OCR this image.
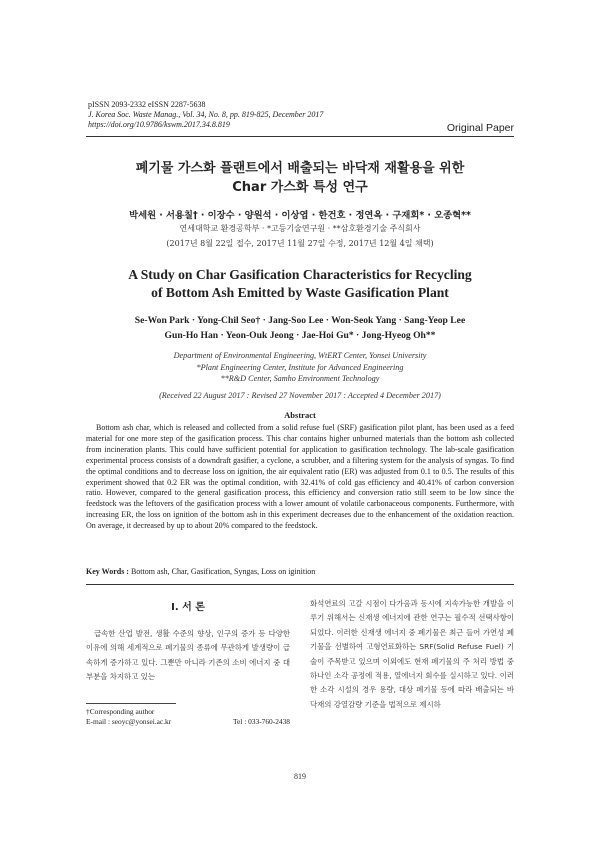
pISSN 2093-2332 eISSN 2287-5638
J. Korea Soc. Waste Manag., Vol. 34, No. 8, pp. 819-825, December 2017
https://doi.org/10.9786/kswm.2017.34.8.819	Original Paper
폐기물 가스화 플랜트에서 배출되는 바닥재 재활용을 위한
Char 가스화 특성 연구
박세원 · 서용칠† · 이장수 · 양원석 · 이상엽 · 한건호 · 정연옥 · 구재회* · 오종혁**
연세대학교 환경공학부 · *고등기술연구원 · **삼호환경기술 주식회사
(2017년 8월 22일 접수, 2017년 11월 27일 수정, 2017년 12월 4일 채택)
A Study on Char Gasification Characteristics for Recycling
of Bottom Ash Emitted by Waste Gasification Plant
Se-Won Park · Yong-Chil Seo† · Jang-Soo Lee · Won-Seok Yang · Sang-Yeop Lee
Gun-Ho Han · Yeon-Ouk Jeong · Jae-Hoi Gu* · Jong-Hyeog Oh**
Department of Environmental Engineering, WtERT Center, Yonsei University
*Plant Engineering Center, Institute for Advanced Engineering
**R&D Center, Samho Environment Technology
(Received 22 August 2017 : Revised 27 November 2017 : Accepted 4 December 2017)
Abstract

Bottom ash char, which is released and collected from a solid refuse fuel (SRF) gasification pilot plant, has been used as a feed material for one more step of the gasification process. This char contains higher unburned materials than the bottom ash collected from incineration plants. This could have sufficient potential for application to gasification technology. The lab-scale gasification experimental process consists of a downdraft gasifier, a cyclone, a scrubber, and a filtering system for the analysis of syngas. To find the optimal conditions and to decrease loss on ignition, the air equivalent ratio (ER) was adjusted from 0.1 to 0.5. The results of this experiment showed that 0.2 ER was the optimal condition, with 32.41% of cold gas efficiency and 40.41% of carbon conversion ratio. However, compared to the general gasification process, this efficiency and conversion ratio still seem to be low since the feedstock was the leftovers of the gasification process with a lower amount of volatile carbonaceous components. Furthermore, with increasing ER, the loss on ignition of the bottom ash in this experiment decreases due to the enhancement of the oxidation reaction. On average, it decreased by up to about 20% compared to the feedstock.

Key Words : Bottom ash, Char, Gasification, Syngas, Loss on iginition
I. 서 론

급속한 산업 발전, 생활 수준의 향상, 인구의 증가 등 다양한 이유에 의해 세계적으로 폐기물의 종류에 무관하게 발생량이 급속하게 증가하고 있다. 그뿐만 아니라 기존의 소비 에너지 중 대부분을 차지하고 있는

화석연료의 고갈 시점이 다가옴과 동시에 지속가능한 개발을 이루기 위해서는 신재생 에너지에 관한 연구는 필수적 선택사항이 되었다. 이러한 신재생 에너지 중 폐기물은 최근 들어 가연성 폐기물을 선별하여 고형연료화하는 SRF(Solid Refuse Fuel) 기술이 주목받고 있으며 이외에도 현재 폐기물의 주 처리 방법 중 하나인 소각 공정에 적용, 열에너지 회수를 실시하고 있다. 이러한 소각 시설의 경우 용량, 대상 폐기물 등에 따라 배출되는 바닥재의 강열감량 기준을 법적으로 제시하

†Corresponding author
E-mail : seoyc@yonsei.ac.kr	Tel : 033-760-2438
819
